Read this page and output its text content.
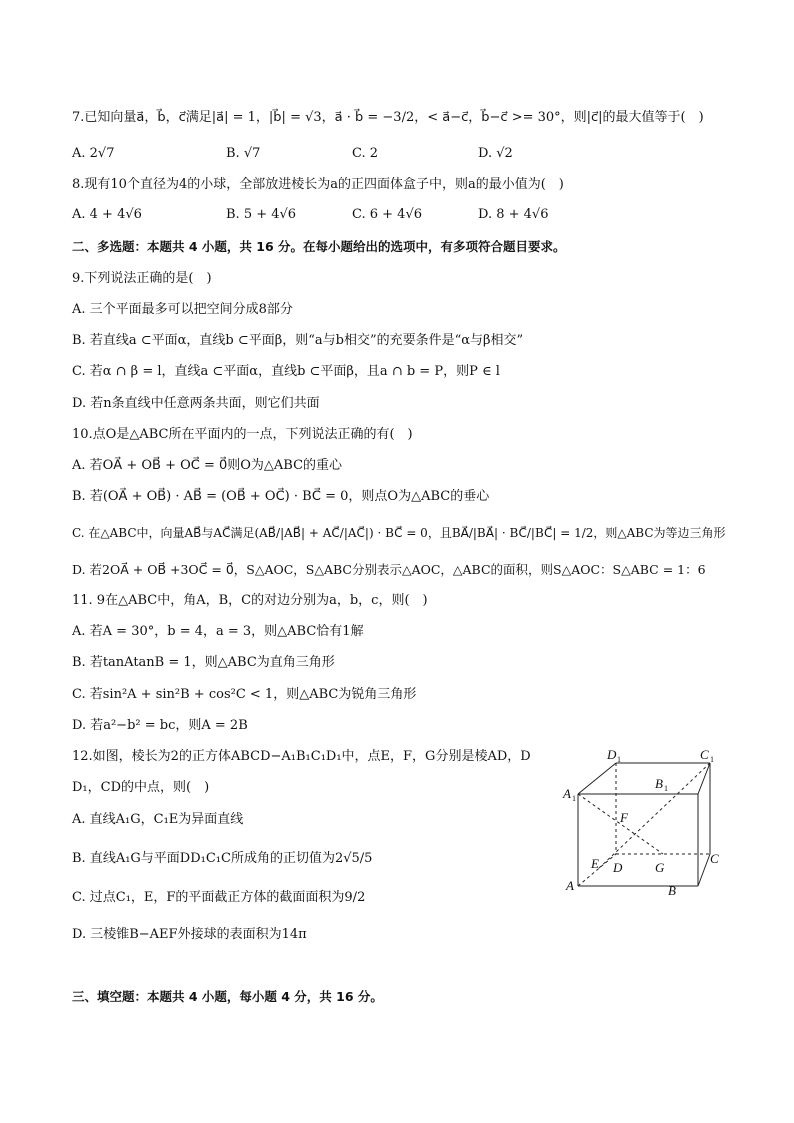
7.已知向量a⃗，b⃗，c⃗满足|a⃗| = 1，|b⃗| = √3，a⃗ · b⃗ = −3/2，< a⃗−c⃗，b⃗−c⃗ >= 30°，则|c⃗|的最大值等于(　)
A. 2√7	B. √7	C. 2	D. √2
8.现有10个直径为4的小球，全部放进棱长为a的正四面体盒子中，则a的最小值为(　)
A. 4 + 4√6	B. 5 + 4√6	C. 6 + 4√6	D. 8 + 4√6
二、多选题：本题共 4 小题，共 16 分。在每小题给出的选项中，有多项符合题目要求。
9.下列说法正确的是(　)
A. 三个平面最多可以把空间分成8部分
B. 若直线a ⊂平面α，直线b ⊂平面β，则“a与b相交”的充要条件是“α与β相交”
C. 若α ∩ β = l，直线a ⊂平面α，直线b ⊂平面β，且a ∩ b = P，则P ∈ l
D. 若n条直线中任意两条共面，则它们共面
10.点O是△ABC所在平面内的一点，下列说法正确的有(　)
A. 若OA⃗ + OB⃗ + OC⃗ = 0⃗则O为△ABC的重心
B. 若(OA⃗ + OB⃗) · AB⃗ = (OB⃗ + OC⃗) · BC⃗ = 0，则点O为△ABC的垂心
C. 在△ABC中，向量AB⃗与AC⃗满足(AB⃗/|AB⃗| + AC⃗/|AC⃗|) · BC⃗ = 0，且BA⃗/|BA⃗| · BC⃗/|BC⃗| = 1/2，则△ABC为等边三角形
D. 若2OA⃗ + OB⃗ +3OC⃗ = 0⃗，S△AOC，S△ABC分别表示△AOC，△ABC的面积，则S△AOC：S△ABC = 1：6
11. 9在△ABC中，角A，B，C的对边分别为a，b，c，则(　)
A. 若A = 30°，b = 4，a = 3，则△ABC恰有1解
B. 若tanAtanB = 1，则△ABC为直角三角形
C. 若sin²A + sin²B + cos²C < 1，则△ABC为锐角三角形
D. 若a²−b² = bc，则A = 2B
12.如图，棱长为2的正方体ABCD−A₁B₁C₁D₁中，点E，F，G分别是棱AD，D
D₁，CD的中点，则(　)
A. 直线A₁G，C₁E为异面直线
B. 直线A₁G与平面DD₁C₁C所成角的正切值为2√5/5
C. 过点C₁，E，F的平面截正方体的截面面积为9/2
D. 三棱锥B−AEF外接球的表面积为14π
D 1	C 1
A 1
B 1
F
E D	G
C
A	B
三、填空题：本题共 4 小题，每小题 4 分，共 16 分。
